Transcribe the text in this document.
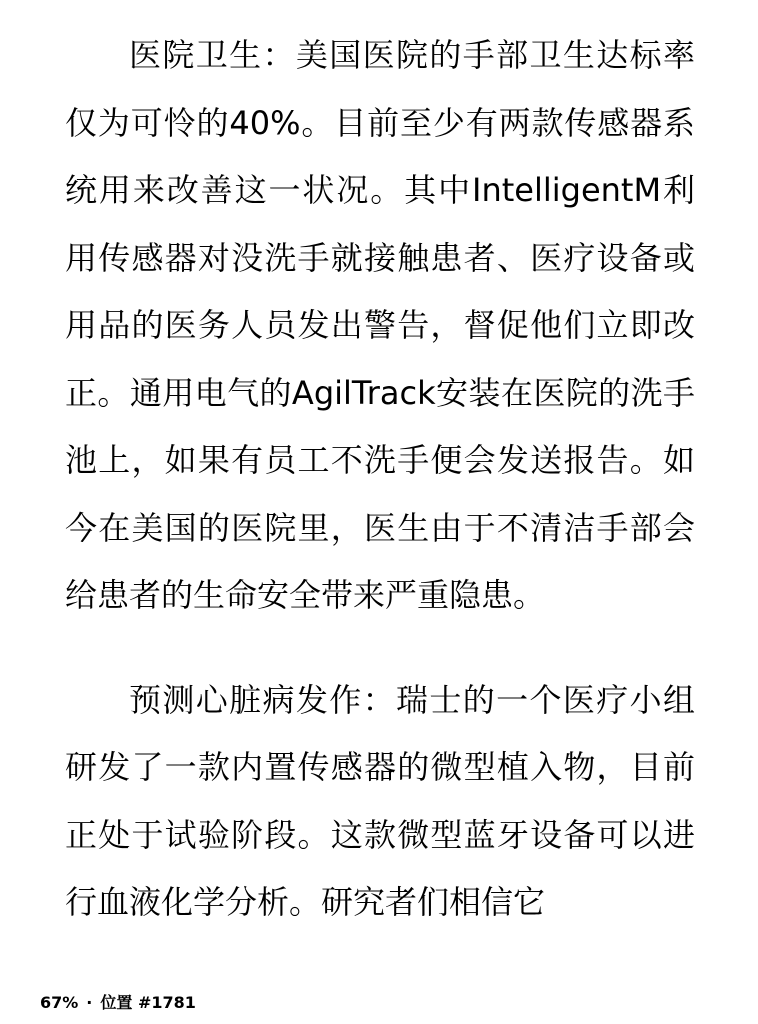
医院卫生：美国医院的手部卫生达标率仅为可怜的40%。目前至少有两款传感器系统用来改善这一状况。其中IntelligentM利用传感器对没洗手就接触患者、医疗设备或用品的医务人员发出警告，督促他们立即改正。通用电气的AgilTrack安装在医院的洗手池上，如果有员工不洗手便会发送报告。如今在美国的医院里，医生由于不清洁手部会给患者的生命安全带来严重隐患。

预测心脏病发作：瑞士的一个医疗小组研发了一款内置传感器的微型植入物，目前正处于试验阶段。这款微型蓝牙设备可以进行血液化学分析。研究者们相信它

67% · 位置 #1781
